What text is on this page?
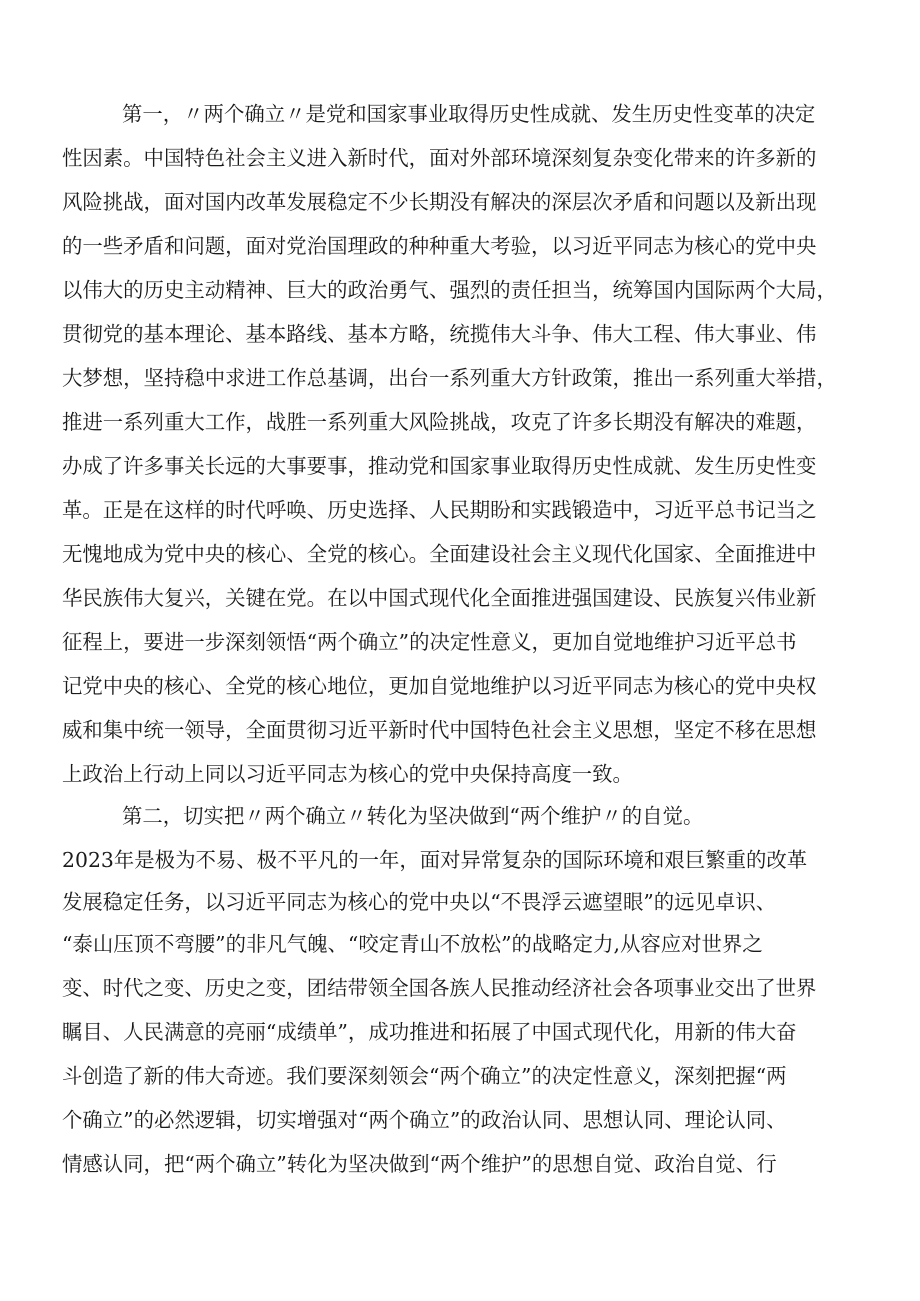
第一，〃两个确立〃是党和国家事业取得历史性成就、发生历史性变革的决定
性因素。中国特色社会主义进入新时代，面对外部环境深刻复杂变化带来的许多新的
风险挑战，面对国内改革发展稳定不少长期没有解决的深层次矛盾和问题以及新出现
的一些矛盾和问题，面对党治国理政的种种重大考验，以习近平同志为核心的党中央
以伟大的历史主动精神、巨大的政治勇气、强烈的责任担当，统筹国内国际两个大局，
贯彻党的基本理论、基本路线、基本方略，统揽伟大斗争、伟大工程、伟大事业、伟
大梦想，坚持稳中求进工作总基调，出台一系列重大方针政策，推出一系列重大举措，
推进一系列重大工作，战胜一系列重大风险挑战，攻克了许多长期没有解决的难题，
办成了许多事关长远的大事要事，推动党和国家事业取得历史性成就、发生历史性变
革。正是在这样的时代呼唤、历史选择、人民期盼和实践锻造中，习近平总书记当之
无愧地成为党中央的核心、全党的核心。全面建设社会主义现代化国家、全面推进中
华民族伟大复兴，关键在党。在以中国式现代化全面推进强国建设、民族复兴伟业新
征程上，要进一步深刻领悟“两个确立”的决定性意义，更加自觉地维护习近平总书
记党中央的核心、全党的核心地位，更加自觉地维护以习近平同志为核心的党中央权
威和集中统一领导，全面贯彻习近平新时代中国特色社会主义思想，坚定不移在思想
上政治上行动上同以习近平同志为核心的党中央保持高度一致。
第二，切实把〃两个确立〃转化为坚决做到“两个维护〃的自觉。
2023年是极为不易、极不平凡的一年，面对异常复杂的国际环境和艰巨繁重的改革
发展稳定任务，以习近平同志为核心的党中央以“不畏浮云遮望眼”的远见卓识、
“泰山压顶不弯腰”的非凡气魄、“咬定青山不放松”的战略定力,从容应对世界之
变、时代之变、历史之变，团结带领全国各族人民推动经济社会各项事业交出了世界
瞩目、人民满意的亮丽“成绩单”，成功推进和拓展了中国式现代化，用新的伟大奋
斗创造了新的伟大奇迹。我们要深刻领会“两个确立”的决定性意义，深刻把握“两
个确立”的必然逻辑，切实增强对“两个确立”的政治认同、思想认同、理论认同、
情感认同，把“两个确立”转化为坚决做到“两个维护”的思想自觉、政治自觉、行
